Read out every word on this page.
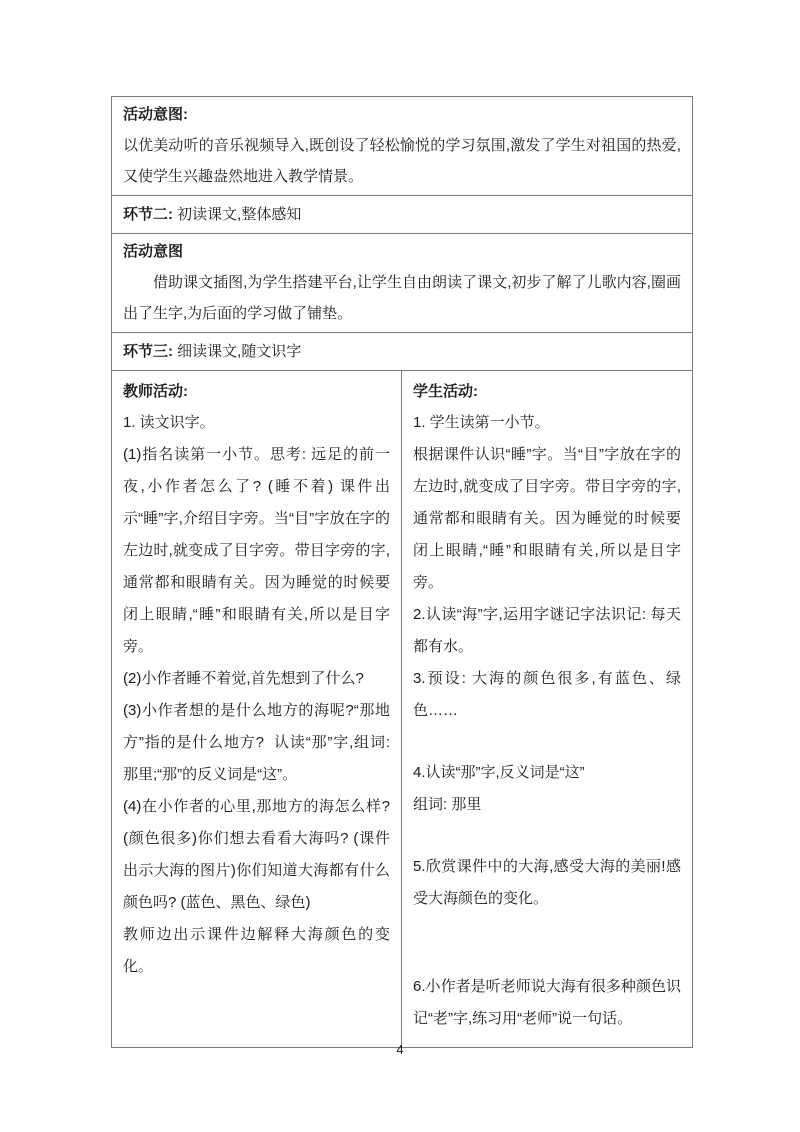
活动意图:

以优美动听的音乐视频导入,既创设了轻松愉悦的学习氛围,激发了学生对祖国的热爱,又使学生兴趣盎然地进入教学情景。

环节二: 初读课文,整体感知
活动意图

借助课文插图,为学生搭建平台,让学生自由朗读了课文,初步了解了儿歌内容,圈画出了生字,为后面的学习做了铺垫。

环节三: 细读课文,随文识字

教师活动:

1. 读文识字。

(1)指名读第一小节。思考: 远足的前一夜,小作者怎么了? (睡不着) 课件出示“睡”字,介绍目字旁。当“目”字放在字的左边时,就变成了目字旁。带目字旁的字,通常都和眼睛有关。因为睡觉的时候要闭上眼睛,“睡”和眼睛有关,所以是目字旁。

(2)小作者睡不着觉,首先想到了什么?

(3)小作者想的是什么地方的海呢?“那地方”指的是什么地方?  认读“那”字,组词: 那里;“那”的反义词是“这”。

(4)在小作者的心里,那地方的海怎么样? (颜色很多)你们想去看看大海吗? (课件出示大海的图片)你们知道大海都有什么颜色吗? (蓝色、黑色、绿色)

教师边出示课件边解释大海颜色的变化。

学生活动:

1. 学生读第一小节。

根据课件认识“睡”字。当“目”字放在字的左边时,就变成了目字旁。带目字旁的字,通常都和眼睛有关。因为睡觉的时候要闭上眼睛,“睡”和眼睛有关,所以是目字旁。

2.认读“海”字,运用字谜记字法识记: 每天都有水。

3.预设: 大海的颜色很多,有蓝色、绿色……

4.认读“那”字,反义词是“这”

组词: 那里

5.欣赏课件中的大海,感受大海的美丽!感受大海颜色的变化。

6.小作者是听老师说大海有很多种颜色识记“老”字,练习用“老师”说一句话。

4
